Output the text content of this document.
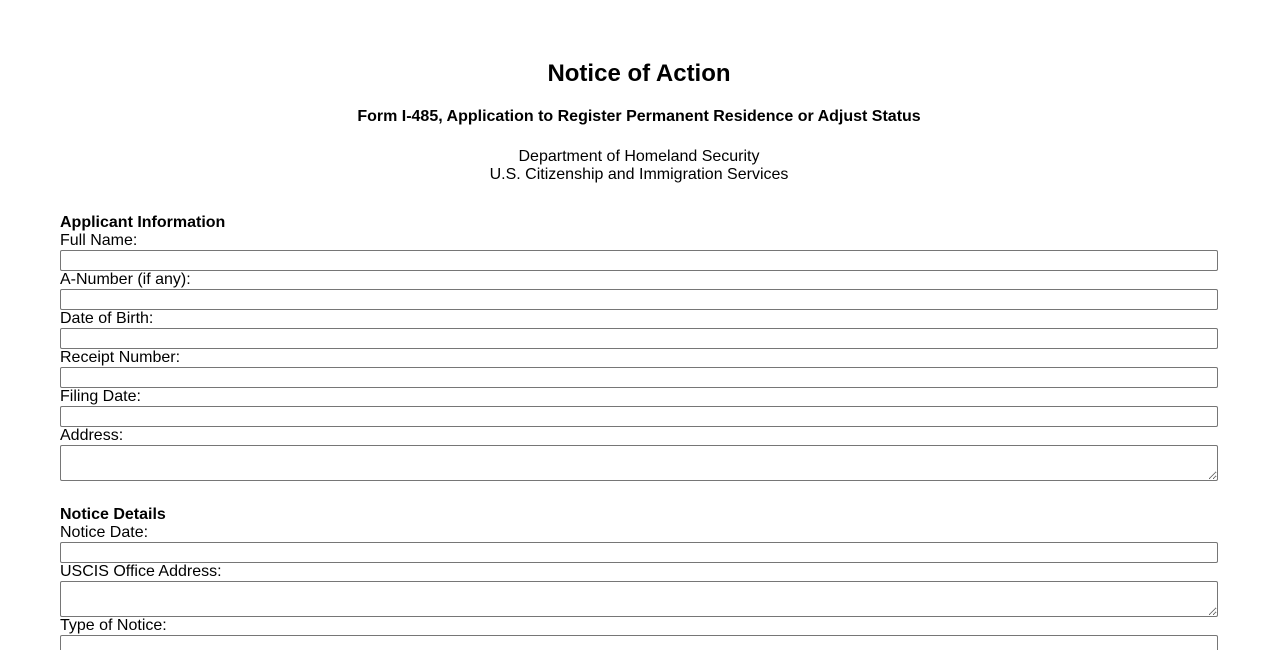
Notice of Action
Form I-485, Application to Register Permanent Residence or Adjust Status
Department of Homeland Security
U.S. Citizenship and Immigration Services
Applicant Information
Full Name:
A-Number (if any):
Date of Birth:
Receipt Number:
Filing Date:
Address:
Notice Details
Notice Date:
USCIS Office Address:
Type of Notice:
